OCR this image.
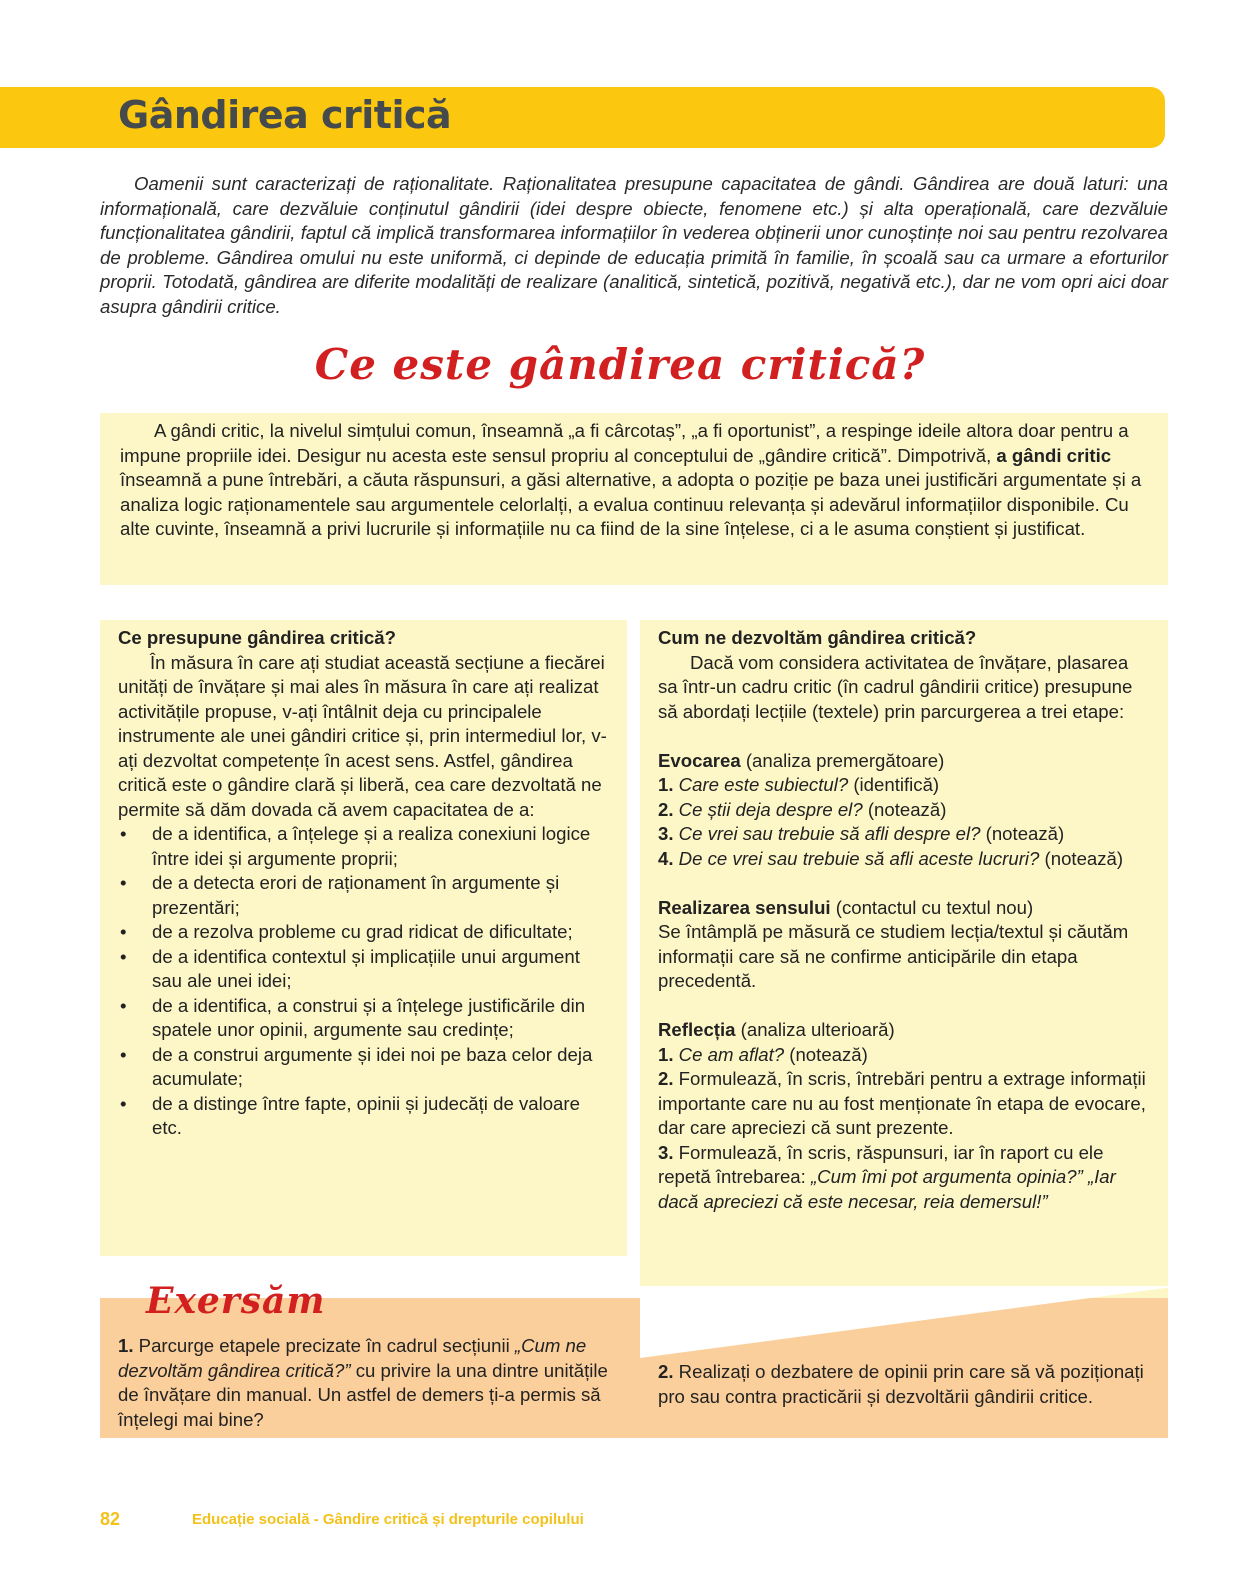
Gândirea critică

Oamenii sunt caracterizați de raționalitate. Raționalitatea presupune capacitatea de gândi. Gândirea are două laturi: una informațională, care dezvăluie conținutul gândirii (idei despre obiecte, fenomene etc.) și alta operațională, care dezvăluie funcționalitatea gândirii, faptul că implică transformarea informațiilor în vederea obținerii unor cunoștințe noi sau pentru rezolvarea de probleme. Gândirea omului nu este uniformă, ci depinde de educația primită în familie, în școală sau ca urmare a eforturilor proprii. Totodată, gândirea are diferite modalități de realizare (analitică, sintetică, pozitivă, negativă etc.), dar ne vom opri aici doar asupra gândirii critice.

Ce este gândirea critică?

A gândi critic, la nivelul simțului comun, înseamnă „a fi cârcotaș”, „a fi oportunist”, a respinge ideile altora doar pentru a impune propriile idei. Desigur nu acesta este sensul propriu al conceptului de „gândire critică”. Dimpotrivă, a gândi critic înseamnă a pune întrebări, a căuta răspunsuri, a găsi alternative, a adopta o poziție pe baza unei justificări argumentate și a analiza logic raționamentele sau argumentele celorlalți, a evalua continuu relevanța și adevărul informațiilor disponibile. Cu alte cuvinte, înseamnă a privi lucrurile și informațiile nu ca fiind de la sine înțelese, ci a le asuma conștient și justificat.

Ce presupune gândirea critică?

În măsura în care ați studiat această secțiune a fiecărei unități de învățare și mai ales în măsura în care ați realizat activitățile propuse, v-ați întâlnit deja cu principalele instrumente ale unei gândiri critice și, prin intermediul lor, v-ați dezvoltat competențe în acest sens. Astfel, gândirea critică este o gândire clară și liberă, cea care dezvoltată ne permite să dăm dovada că avem capacitatea de a:

• de a identifica, a înțelege și a realiza conexiuni logice între idei și argumente proprii;
• de a detecta erori de raționament în argumente și prezentări;
• de a rezolva probleme cu grad ridicat de dificultate;
• de a identifica contextul și implicațiile unui argument sau ale unei idei;
• de a identifica, a construi și a înțelege justificările din spatele unor opinii, argumente sau credințe;
• de a construi argumente și idei noi pe baza celor deja acumulate;
• de a distinge între fapte, opinii și judecăți de valoare etc.
Cum ne dezvoltăm gândirea critică?

Dacă vom considera activitatea de învățare, plasarea sa într-un cadru critic (în cadrul gândirii critice) presupune să abordați lecțiile (textele) prin parcurgerea a trei etape:

Evocarea (analiza premergătoare)

1. Care este subiectul? (identifică)

2. Ce știi deja despre el? (notează)

3. Ce vrei sau trebuie să afli despre el? (notează)

4. De ce vrei sau trebuie să afli aceste lucruri? (notează)

Realizarea sensului (contactul cu textul nou)

Se întâmplă pe măsură ce studiem lecția/textul și căutăm informații care să ne confirme anticipările din etapa precedentă.

Reflecția (analiza ulterioară)

1. Ce am aflat? (notează)

2. Formulează, în scris, întrebări pentru a extrage informații importante care nu au fost menționate în etapa de evocare, dar care apreciezi că sunt prezente.

3. Formulează, în scris, răspunsuri, iar în raport cu ele repetă întrebarea: „Cum îmi pot argumenta opinia?” „Iar dacă apreciezi că este necesar, reia demersul!”

Exersăm

1. Parcurge etapele precizate în cadrul secțiunii „Cum ne dezvoltăm gândirea critică?” cu privire la una dintre unitățile de învățare din manual. Un astfel de demers ți-a permis să înțelegi mai bine?

2. Realizați o dezbatere de opinii prin care să vă poziționați pro sau contra practicării și dezvoltării gândirii critice.

82	Educație socială - Gândire critică și drepturile copilului
